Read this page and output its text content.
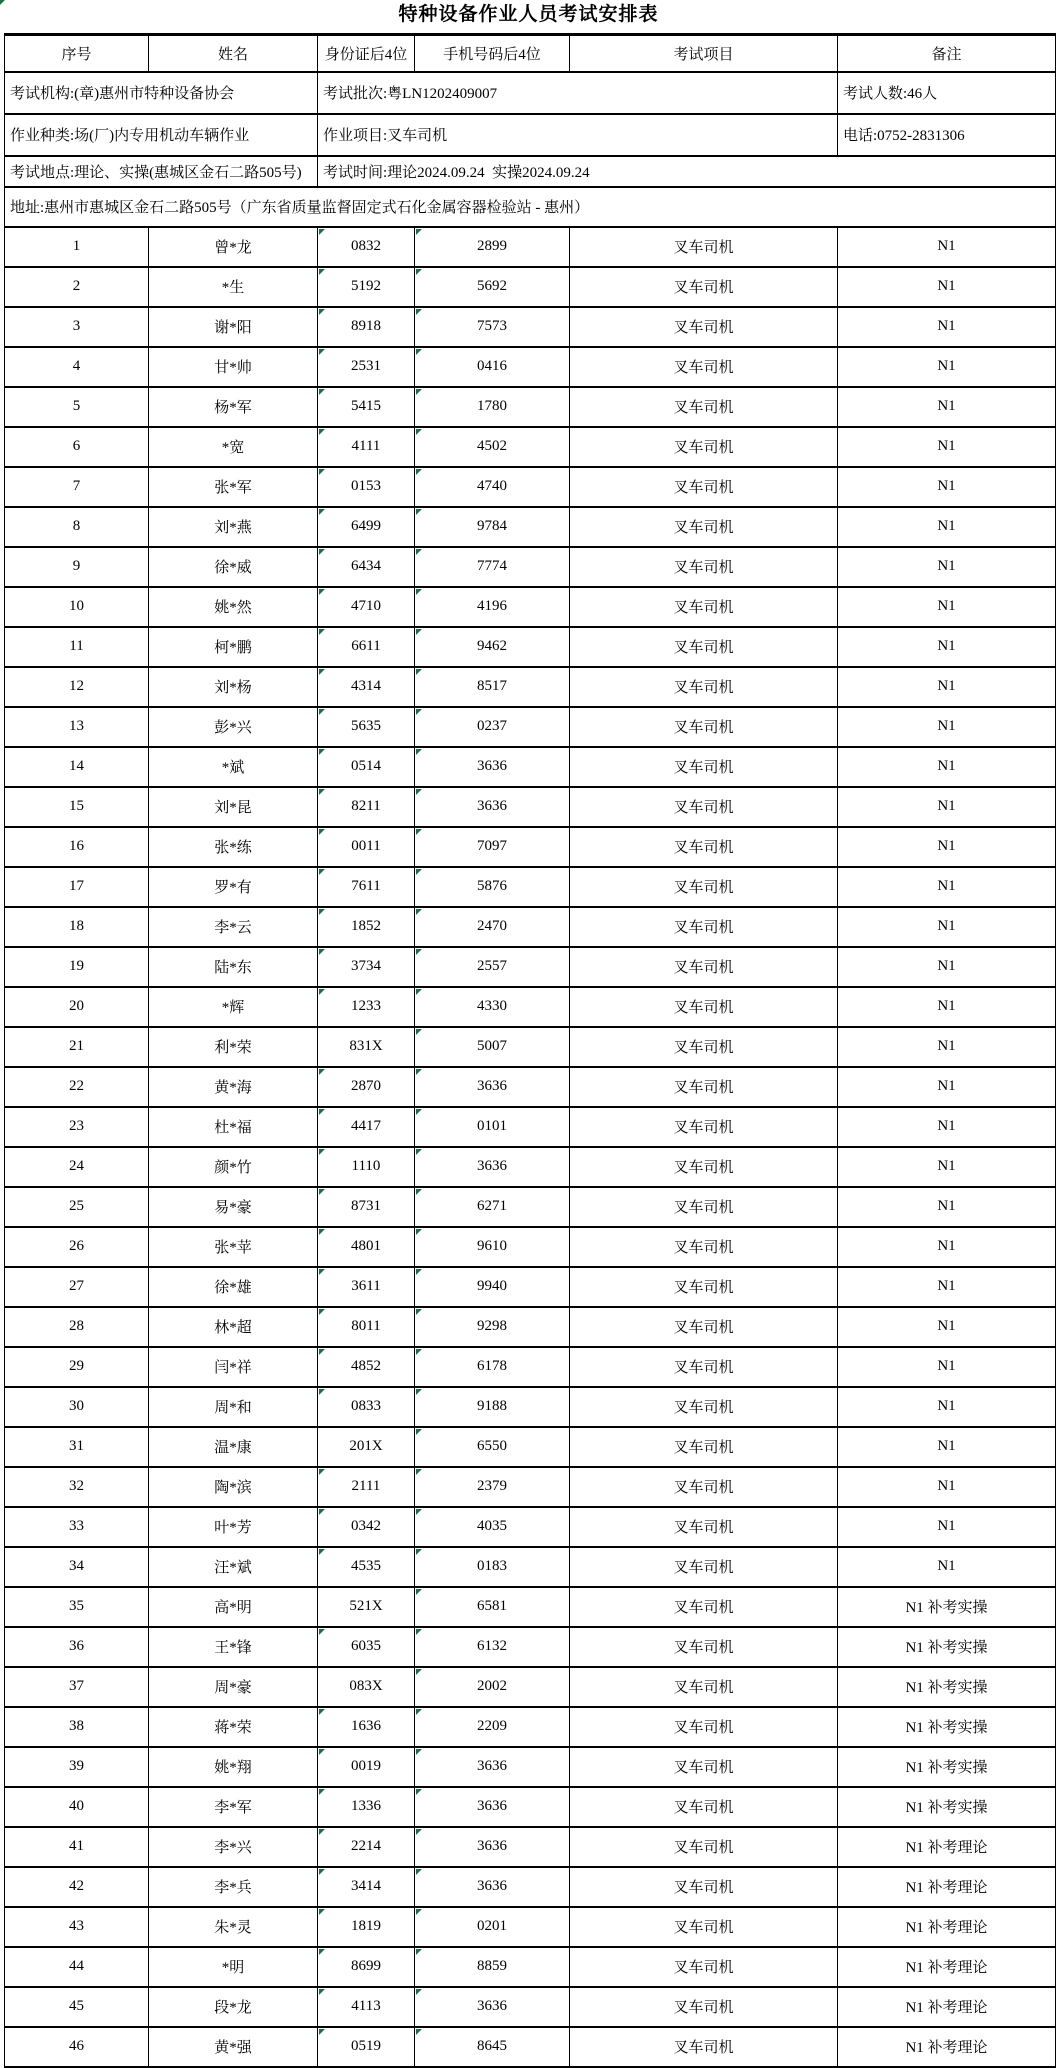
特种设备作业人员考试安排表
考试机构:(章)惠州市特种设备协会		考试批次:粤LN1202409007			考试人数:46人
作业种类:场(厂)内专用机动车辆作业		作业项目:叉车司机			电话:0752-2831306
考试地点:理论、实操(惠城区金石二路505号)		考试时间:理论2024.09.24  实操2024.09.24			
地址:惠州市惠城区金石二路505号（广东省质量监督固定式石化金属容器检验站 - 惠州）					
序号	姓名	身份证后4位	手机号码后4位	考试项目	备注
1	曾*龙	0832	2899	叉车司机	N1
2	*生	5192	5692	叉车司机	N1
3	谢*阳	8918	7573	叉车司机	N1
4	甘*帅	2531	0416	叉车司机	N1
5	杨*军	5415	1780	叉车司机	N1
6	*宽	4111	4502	叉车司机	N1
7	张*军	0153	4740	叉车司机	N1
8	刘*燕	6499	9784	叉车司机	N1
9	徐*威	6434	7774	叉车司机	N1
10	姚*然	4710	4196	叉车司机	N1
11	柯*鹏	6611	9462	叉车司机	N1
12	刘*杨	4314	8517	叉车司机	N1
13	彭*兴	5635	0237	叉车司机	N1
14	*斌	0514	3636	叉车司机	N1
15	刘*昆	8211	3636	叉车司机	N1
16	张*练	0011	7097	叉车司机	N1
17	罗*有	7611	5876	叉车司机	N1
18	李*云	1852	2470	叉车司机	N1
19	陆*东	3734	2557	叉车司机	N1
20	*辉	1233	4330	叉车司机	N1
21	利*荣	831X	5007	叉车司机	N1
22	黄*海	2870	3636	叉车司机	N1
23	杜*福	4417	0101	叉车司机	N1
24	颜*竹	1110	3636	叉车司机	N1
25	易*豪	8731	6271	叉车司机	N1
26	张*苹	4801	9610	叉车司机	N1
27	徐*雄	3611	9940	叉车司机	N1
28	林*超	8011	9298	叉车司机	N1
29	闫*祥	4852	6178	叉车司机	N1
30	周*和	0833	9188	叉车司机	N1
31	温*康	201X	6550	叉车司机	N1
32	陶*滨	2111	2379	叉车司机	N1
33	叶*芳	0342	4035	叉车司机	N1
34	汪*斌	4535	0183	叉车司机	N1
35	高*明	521X	6581	叉车司机	N1 补考实操
36	王*锋	6035	6132	叉车司机	N1 补考实操
37	周*豪	083X	2002	叉车司机	N1 补考实操
38	蒋*荣	1636	2209	叉车司机	N1 补考实操
39	姚*翔	0019	3636	叉车司机	N1 补考实操
40	李*军	1336	3636	叉车司机	N1 补考实操
41	李*兴	2214	3636	叉车司机	N1 补考理论
42	李*兵	3414	3636	叉车司机	N1 补考理论
43	朱*灵	1819	0201	叉车司机	N1 补考理论
44	*明	8699	8859	叉车司机	N1 补考理论
45	段*龙	4113	3636	叉车司机	N1 补考理论
46	黄*强	0519	8645	叉车司机	N1 补考理论
